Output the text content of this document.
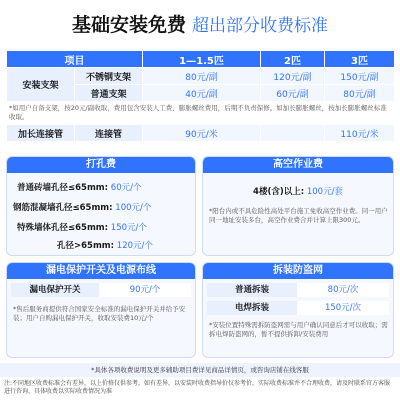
基础安装免费 超出部分收费标准
项目		1—1.5匹	2匹	3匹
安装支架	不锈钢支架	80元/副	120元/副	150元/副
	普通支架	40元/副	60元/副	80元/副
*如用户自备支架，按20元/副收取，费用包含安装人工费、膨胀螺丝费用，后期不负责保修。如加长膨胀螺丝，按加长膨胀螺丝标准收取。				
加长连接管	连接管	90元/米		110元/米
打孔费
普通砖墙孔径≤65mm: 60元/个
钢筋混凝墙孔径≤65mm: 100元/个
特殊墙体孔径≤65mm: 150元/个
孔径>65mm: 120元/个
高空作业费
4楼(含)以上: 100元/套
*阳台内或不具危险性高处平台施工免收高空作业费。同一用户同一地址安装多台，高空作业费合并计算上限300元。
漏电保护开关及电源布线
漏电保护开关	90元/个
*售后服务商提供符合国家安全标准的漏电保护开关并给予安装；用户自购漏电保护开关，收取安装费10元/个
拆装防盗网
普通拆装	80元/次
电焊拆装	150元/次
*安装位置特殊需拆防盗网需与用户确认同意后才可以收取；需拆电焊防盗网的，暂不提供拆卸/安装费用
*具体各项收费说明及更多辅助项目费详见商品详情页，或咨询店铺在线客服
注:不同地区收费标准会有差异，以上价格仅供参考，如有差异，以安装时收费指导价仅参考价，实际收费标准并不合理收费，请及时联系官方客服进行咨询，具体收费以实际收费情况为准
